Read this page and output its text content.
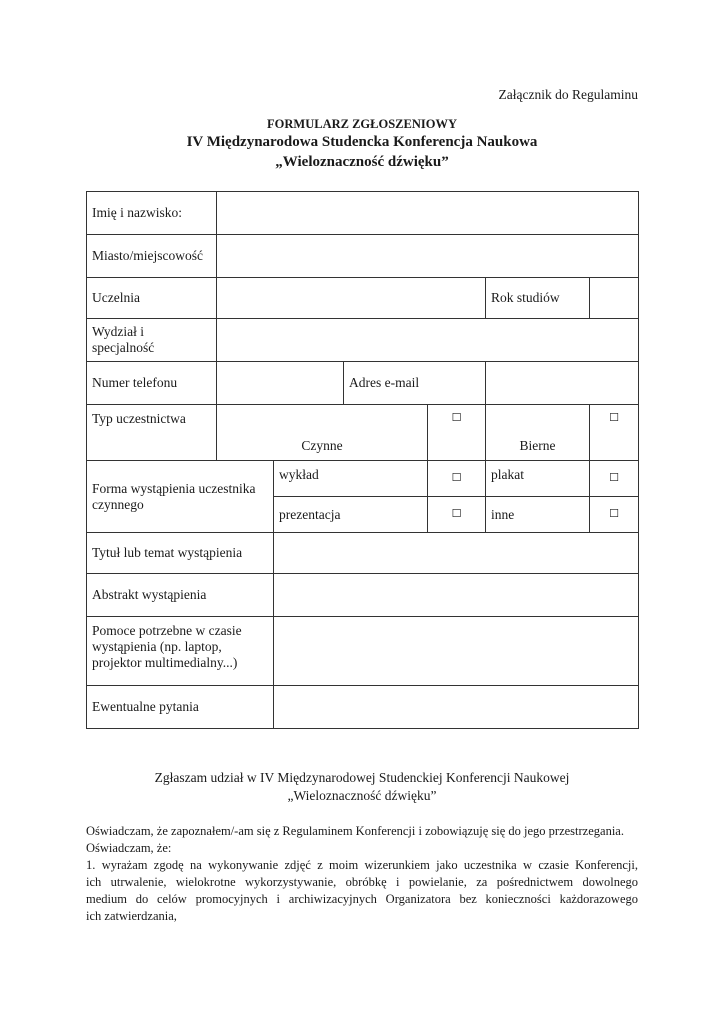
Załącznik do Regulaminu
FORMULARZ ZGŁOSZENIOWY
IV Międzynarodowa Studencka Konferencja Naukowa
„Wieloznaczność dźwięku”
Imię i nazwisko:						
Miasto/miejscowość						
Uczelnia					Rok studiów	
Wydział i
specjalność						
Numer telefonu			Adres e-mail			
Typ uczestnictwa	Czynne			☐	Bierne	☐
Forma wystąpienia uczestnika czynnego		wykład		☐	plakat	☐
		prezentacja		☐	inne	☐
Tytuł lub temat wystąpienia						
Abstrakt wystąpienia						
Pomoce potrzebne w czasie wystąpienia (np. laptop, projektor multimedialny...)						
Ewentualne pytania						
Zgłaszam udział w IV Międzynarodowej Studenckiej Konferencji Naukowej
„Wieloznaczność dźwięku”
Oświadczam, że zapoznałem/-am się z Regulaminem Konferencji i zobowiązuję się do jego przestrzegania.
Oświadczam, że:
1. wyrażam zgodę na wykonywanie zdjęć z moim wizerunkiem jako uczestnika w czasie Konferencji,
ich utrwalenie, wielokrotne wykorzystywanie, obróbkę i powielanie, za pośrednictwem dowolnego
medium do celów promocyjnych i archiwizacyjnych Organizatora bez konieczności każdorazowego
ich zatwierdzania,
